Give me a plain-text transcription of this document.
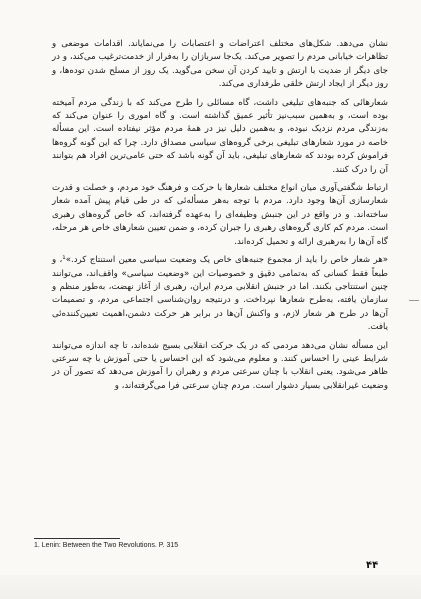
نشان می‌دهد. شکل‌های مختلف اعتراضات و اعتصابات را می‌نمایاند. اقدامات موضعی و تظاهرات خیابانی مردم را تصویر می‌کند. یک‌جا سربازان را به‌فرار از خدمت‌ترغیب می‌کند، و در جای دیگر از ضدیت با ارتش و تایید کردن آن سخن می‌گوید. یک روز از مسلح شدن توده‌ها، و روز دیگر از ایجاد ارتش خلقی طرفداری می‌کند.

شعارهائی که جنبه‌های تبلیغی داشت، گاه مسائلی را طرح می‌کند که با زندگی مردم آمیخته بوده است، و به‌همین سبب‌نیز تأثیر عمیق گذاشته است. و گاه اموری را عنوان می‌کند که به‌زندگی مردم نزدیک نبوده، و به‌همین دلیل نیز در همهٔ مردم مؤثر نیفتاده است. این مسأله خاصه در مورد شعارهای تبلیغی برخی گروه‌های سیاسی مصداق دارد. چرا که این گونه گروه‌ها فراموش کرده بودند که شعارهای تبلیغی، باید آن گونه باشد که حتی عامی‌ترین افراد هم بتوانند آن را درک کنند.

ارتباط شگفتی‌آوری میان انواع مختلف شعارها با حرکت و فرهنگ خود مردم، و خصلت و قدرت شعارسازی آن‌ها وجود دارد. مردم با توجه به‌هر مسأله‌ئی که در طی قیام پیش آمده شعار ساخته‌اند. و در واقع در این جنبش وظیفه‌ای را به‌عهده گرفته‌اند، که خاص گروه‌های رهبری است. مردم کم کاری گروه‌های رهبری را جبران کرده، و ضمن تعیین شعارهای خاص هر مرحله، گاه آن‌ها را به‌رهبری ارائه و تحمیل کرده‌اند.

«هر شعار خاص را باید از مجموع جنبه‌های خاص یک وضعیت سیاسی معین استنتاج کرد.»¹، و طبعاً فقط کسانی که به‌تمامی دقیق و خصوصیات این «وضعیت سیاسی» واقف‌اند، می‌توانند چنین استنتاجی بکنند. اما در جنبش انقلابی مردم ایران، رهبری از آغاز نهضت، به‌طور منظم و سازمان یافته، به‌طرح شعارها نپرداخت. و درنتیجه روان‌شناسی اجتماعی مردم، و تصمیمات آن‌ها در طرح هر شعار لازم، و واکنش آن‌ها در برابر هر حرکت دشمن،اهمیت تعیین‌کننده‌ئی یافت.

این مسأله نشان می‌دهد مردمی که در یک حرکت انقلابی بسیج شده‌اند، تا چه اندازه می‌توانند شرایط عینی را احساس کنند. و معلوم می‌شود که این احساس یا حتی آموزش با چه سرعتی ظاهر می‌شود. یعنی انقلاب با چنان سرعتی مردم و رهبران را آموزش می‌دهد که تصور آن در وضعیت غیرانقلابی بسیار دشوار است. مردم چنان سرعتی فرا می‌گرفته‌اند، و

1. Lenin: Between the Two Revolutions. P. 315
۴۴
